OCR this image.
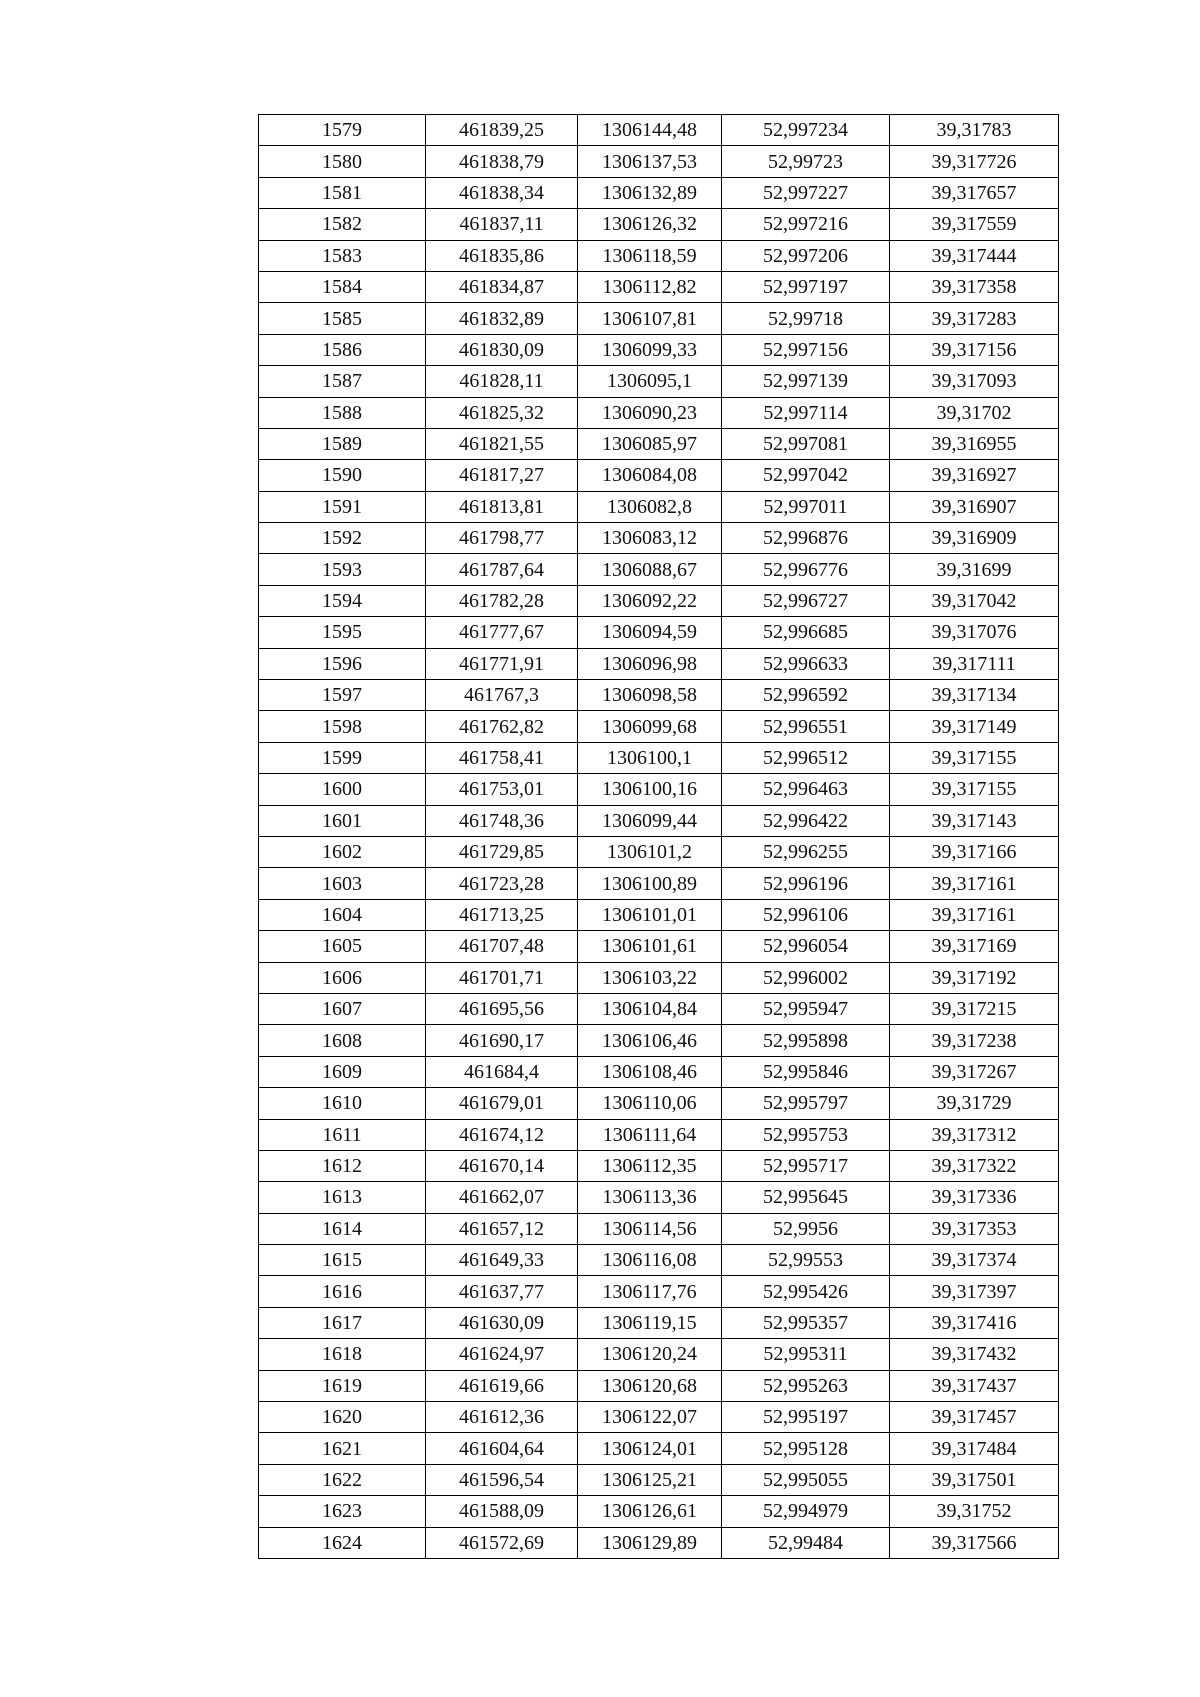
1579	461839,25	1306144,48	52,997234	39,31783
1580	461838,79	1306137,53	52,99723	39,317726
1581	461838,34	1306132,89	52,997227	39,317657
1582	461837,11	1306126,32	52,997216	39,317559
1583	461835,86	1306118,59	52,997206	39,317444
1584	461834,87	1306112,82	52,997197	39,317358
1585	461832,89	1306107,81	52,99718	39,317283
1586	461830,09	1306099,33	52,997156	39,317156
1587	461828,11	1306095,1	52,997139	39,317093
1588	461825,32	1306090,23	52,997114	39,31702
1589	461821,55	1306085,97	52,997081	39,316955
1590	461817,27	1306084,08	52,997042	39,316927
1591	461813,81	1306082,8	52,997011	39,316907
1592	461798,77	1306083,12	52,996876	39,316909
1593	461787,64	1306088,67	52,996776	39,31699
1594	461782,28	1306092,22	52,996727	39,317042
1595	461777,67	1306094,59	52,996685	39,317076
1596	461771,91	1306096,98	52,996633	39,317111
1597	461767,3	1306098,58	52,996592	39,317134
1598	461762,82	1306099,68	52,996551	39,317149
1599	461758,41	1306100,1	52,996512	39,317155
1600	461753,01	1306100,16	52,996463	39,317155
1601	461748,36	1306099,44	52,996422	39,317143
1602	461729,85	1306101,2	52,996255	39,317166
1603	461723,28	1306100,89	52,996196	39,317161
1604	461713,25	1306101,01	52,996106	39,317161
1605	461707,48	1306101,61	52,996054	39,317169
1606	461701,71	1306103,22	52,996002	39,317192
1607	461695,56	1306104,84	52,995947	39,317215
1608	461690,17	1306106,46	52,995898	39,317238
1609	461684,4	1306108,46	52,995846	39,317267
1610	461679,01	1306110,06	52,995797	39,31729
1611	461674,12	1306111,64	52,995753	39,317312
1612	461670,14	1306112,35	52,995717	39,317322
1613	461662,07	1306113,36	52,995645	39,317336
1614	461657,12	1306114,56	52,9956	39,317353
1615	461649,33	1306116,08	52,99553	39,317374
1616	461637,77	1306117,76	52,995426	39,317397
1617	461630,09	1306119,15	52,995357	39,317416
1618	461624,97	1306120,24	52,995311	39,317432
1619	461619,66	1306120,68	52,995263	39,317437
1620	461612,36	1306122,07	52,995197	39,317457
1621	461604,64	1306124,01	52,995128	39,317484
1622	461596,54	1306125,21	52,995055	39,317501
1623	461588,09	1306126,61	52,994979	39,31752
1624	461572,69	1306129,89	52,99484	39,317566
